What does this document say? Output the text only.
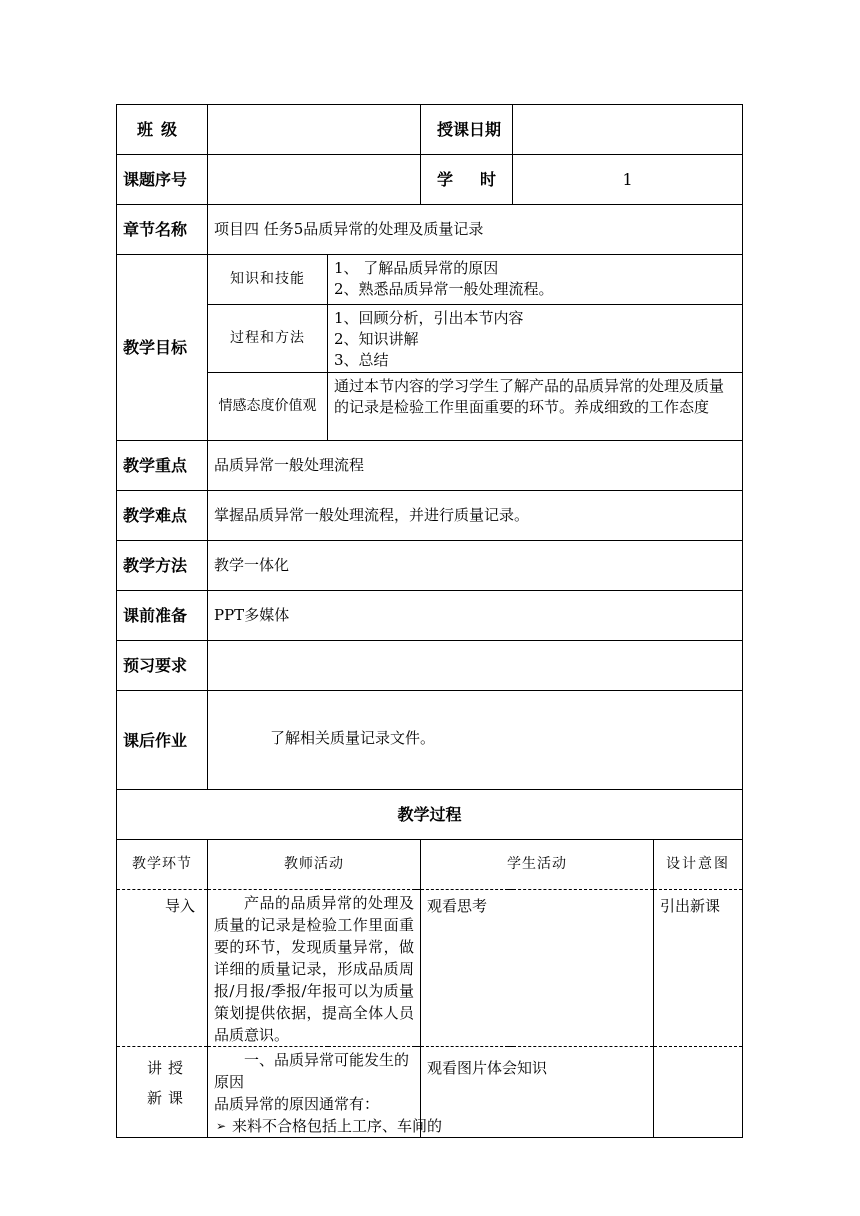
班 级			授课日期		
课题序号			学 时	1	
章节名称	项目四 任务5品质异常的处理及质量记录				
教学目标	知识和技能	1、 了解品质异常的原因
2、熟悉品质异常一般处理流程。			

	过程和方法	1、回顾分析，引出本节内容
2、知识讲解
3、总结			

	情感态度价值观	通过本节内容的学习学生了解产品的品质异常的处理及质量的记录是检验工作里面重要的环节。养成细致的工作态度			
教学重点	品质异常一般处理流程				
教学难点	掌握品质异常一般处理流程，并进行质量记录。				
教学方法	教学一体化				
课前准备	PPT多媒体				
预习要求					
课后作业	了解相关质量记录文件。				
教学过程					
教学环节	教师活动		学生活动		设计意图
导入	产品的品质异常的处理及质量的记录是检验工作里面重要的环节，发现质量异常，做详细的质量记录，形成品质周报/月报/季报/年报可以为质量策划提供依据，提高全体人员品质意识。		观看思考		引出新课

讲授新课	一、品质异常可能发生的原因
品质异常的原因通常有：
➢ 来料不合格包括上工序、车间的		观看图片体会知识		
